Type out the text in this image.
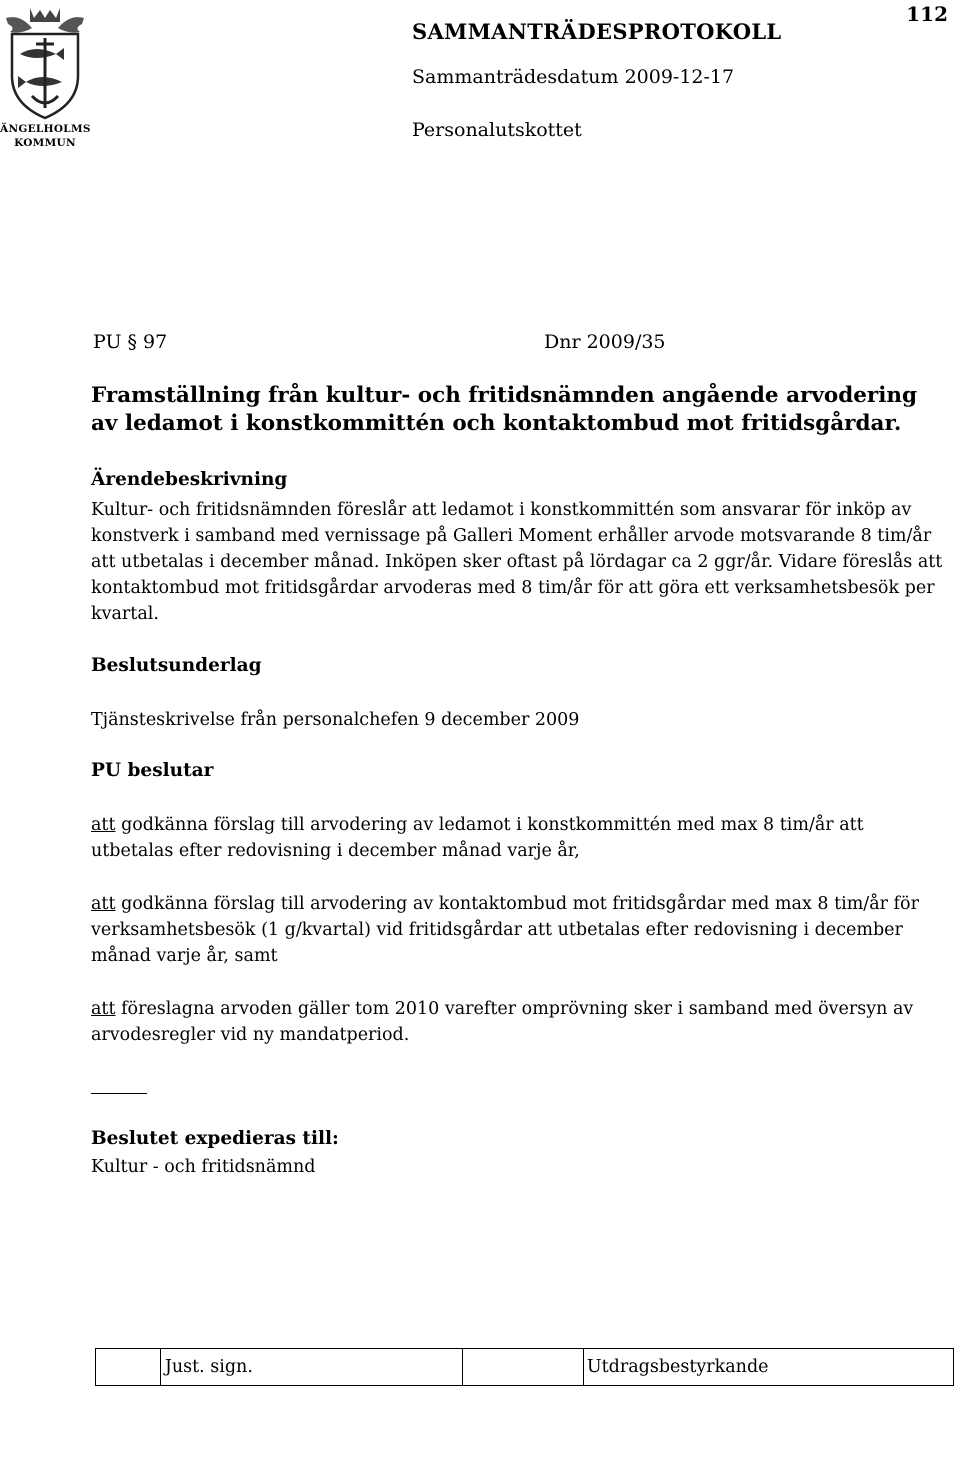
112
ÄNGELHOLMS
KOMMUN
SAMMANTRÄDESPROTOKOLL
Sammanträdesdatum 2009-12-17
Personalutskottet
PU § 97	Dnr 2009/35
Framställning från kultur- och fritidsnämnden angående arvodering av ledamot i konstkommittén och kontaktombud mot fritidsgårdar.
Ärendebeskrivning
Kultur- och fritidsnämnden föreslår att ledamot i konstkommittén som ansvarar för inköp av konstverk i samband med vernissage på Galleri Moment erhåller arvode motsvarande 8 tim/år att utbetalas i december månad. Inköpen sker oftast på lördagar ca 2 ggr/år. Vidare föreslås att kontaktombud mot fritidsgårdar arvoderas med 8 tim/år för att göra ett verksamhetsbesök per kvartal.
Beslutsunderlag
Tjänsteskrivelse från personalchefen 9 december 2009
PU beslutar
att godkänna förslag till arvodering av ledamot i konstkommittén med max 8 tim/år att utbetalas efter redovisning i december månad varje år,
att godkänna förslag till arvodering av kontaktombud mot fritidsgårdar med max 8 tim/år för verksamhetsbesök (1 g/kvartal) vid fritidsgårdar att utbetalas efter redovisning i december månad varje år, samt
att föreslagna arvoden gäller tom 2010 varefter omprövning sker i samband med översyn av arvodesregler vid ny mandatperiod.
Beslutet expedieras till:
Kultur - och fritidsnämnd
Just. sign.	Utdragsbestyrkande
